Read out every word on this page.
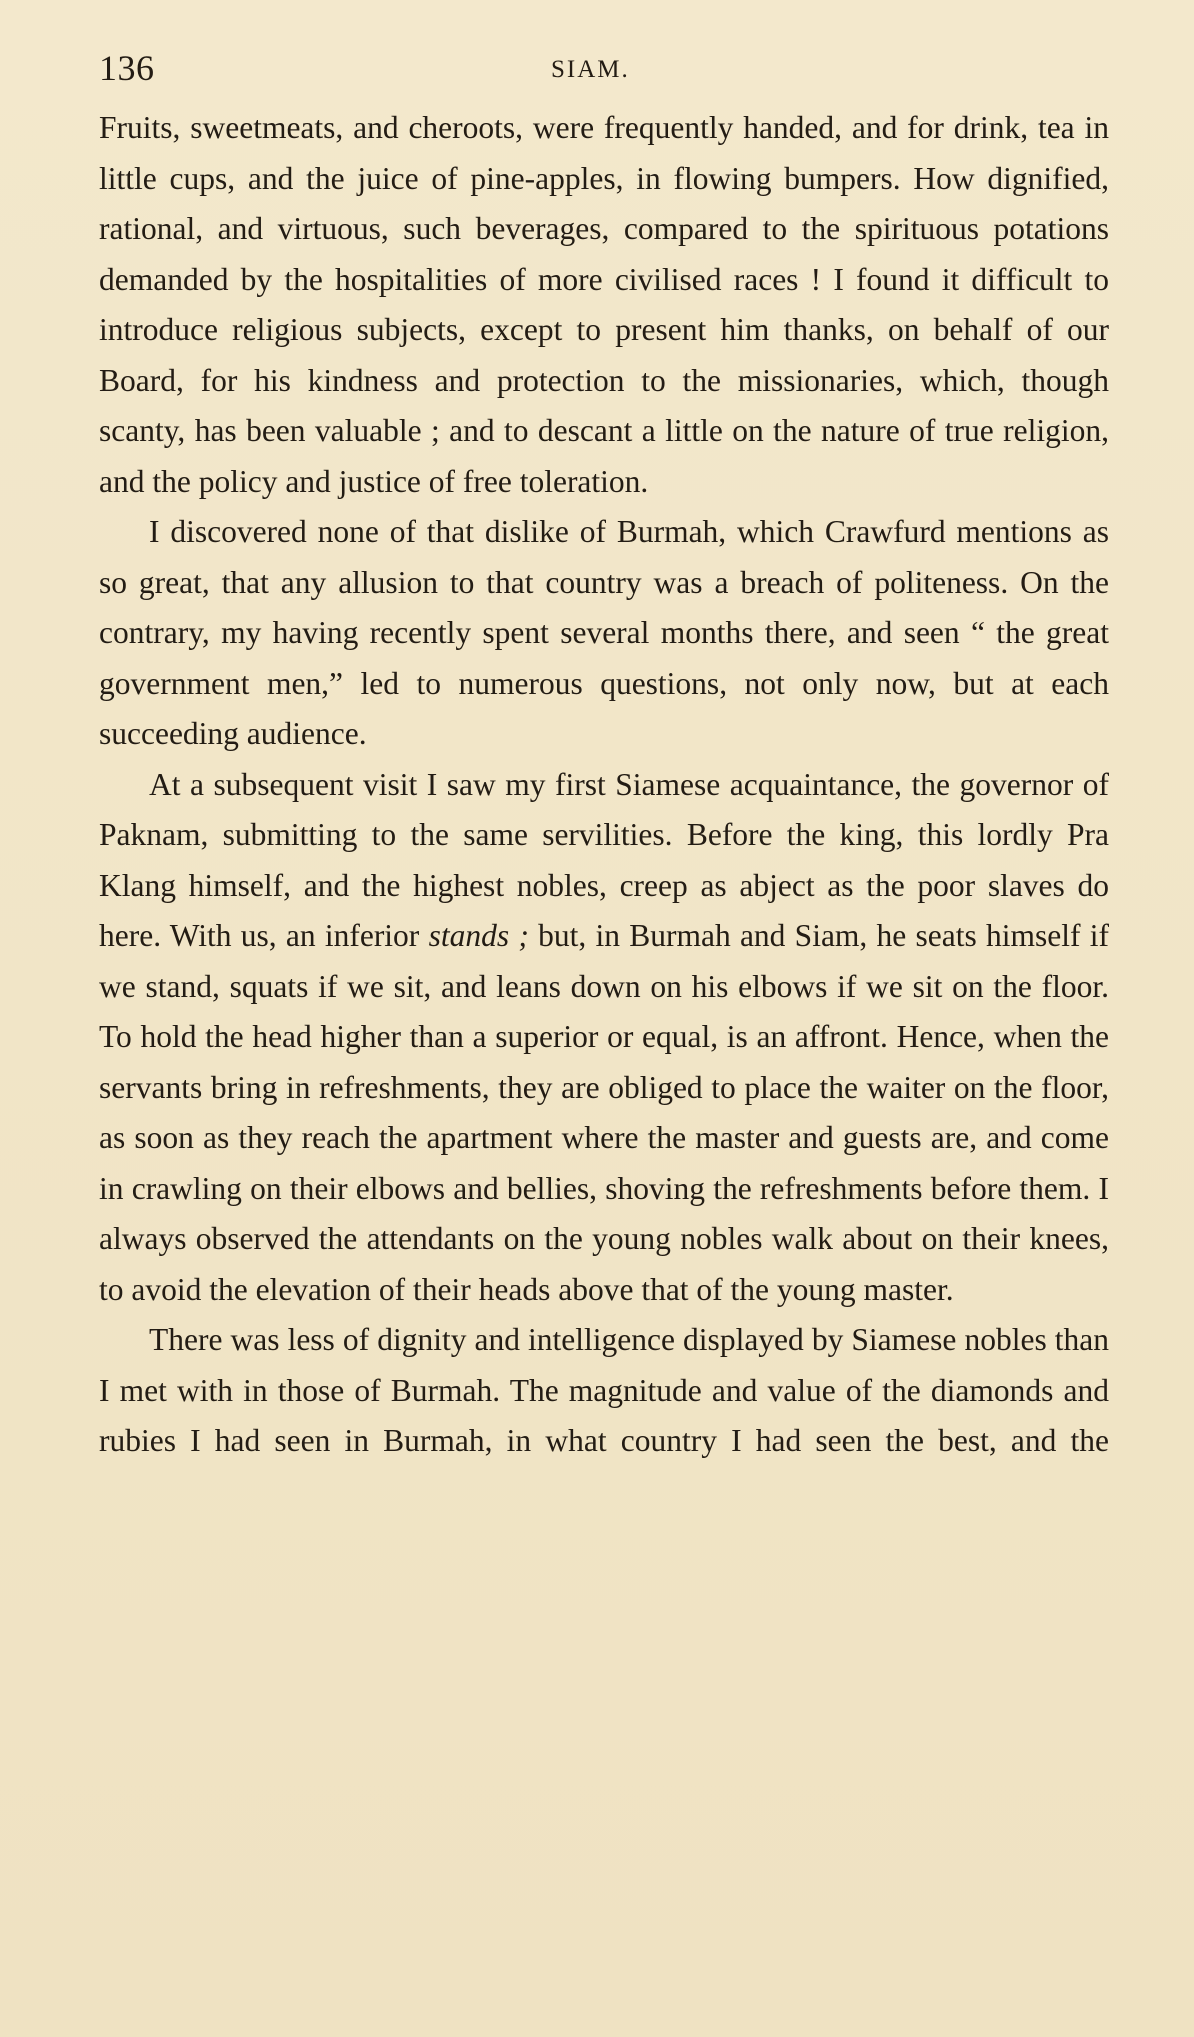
136	SIAM.

Fruits, sweetmeats, and cheroots, were frequently handed, and for drink, tea in little cups, and the juice of pine-apples, in flowing bumpers. How dignified, rational, and virtuous, such beverages, compared to the spirituous potations demanded by the hospitalities of more civilised races ! I found it difficult to introduce religious subjects, except to present him thanks, on behalf of our Board, for his kindness and protection to the missionaries, which, though scanty, has been valuable ; and to descant a little on the nature of true religion, and the policy and justice of free toleration.

I discovered none of that dislike of Burmah, which Crawfurd mentions as so great, that any allusion to that country was a breach of politeness. On the contrary, my having recently spent several months there, and seen “ the great government men,” led to numerous questions, not only now, but at each succeeding audience.

At a subsequent visit I saw my first Siamese acquaintance, the governor of Paknam, submitting to the same servilities. Before the king, this lordly Pra Klang himself, and the highest nobles, creep as abject as the poor slaves do here. With us, an inferior stands ; but, in Burmah and Siam, he seats himself if we stand, squats if we sit, and leans down on his elbows if we sit on the floor. To hold the head higher than a superior or equal, is an affront. Hence, when the servants bring in refreshments, they are obliged to place the waiter on the floor, as soon as they reach the apartment where the master and guests are, and come in crawling on their elbows and bellies, shoving the refreshments before them. I always observed the attendants on the young nobles walk about on their knees, to avoid the elevation of their heads above that of the young master.

There was less of dignity and intelligence displayed by Siamese nobles than I met with in those of Burmah. The magnitude and value of the diamonds and rubies I had seen in Burmah, in what country I had seen the best, and the
